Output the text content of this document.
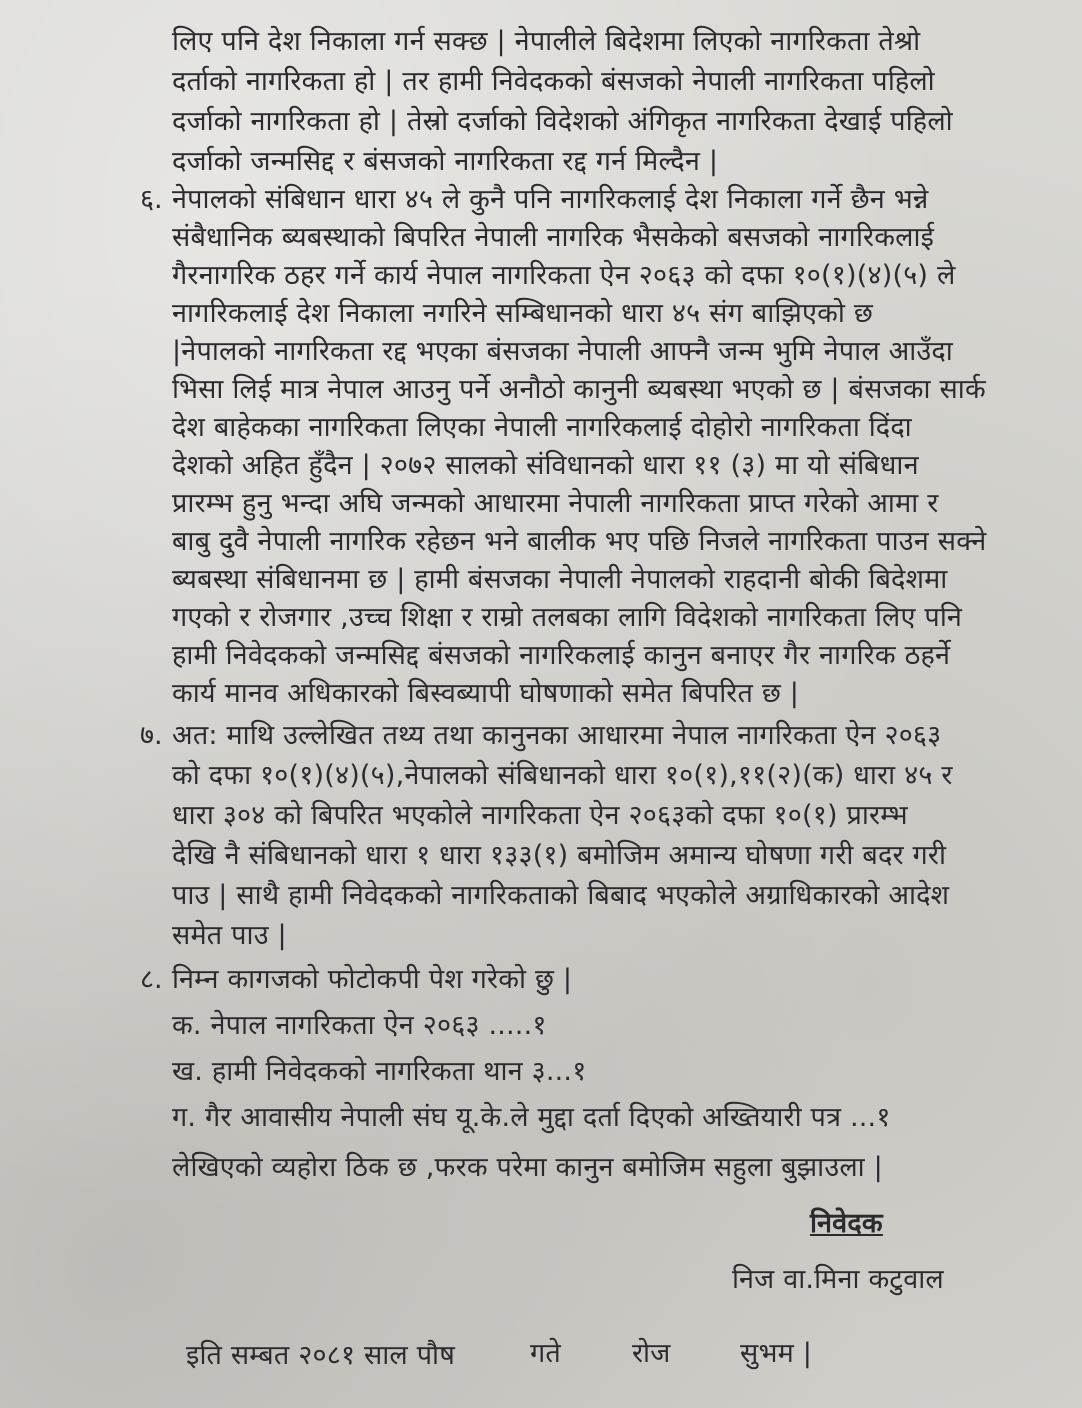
लिए पनि देश निकाला गर्न सक्छ | नेपालीले बिदेशमा लिएको नागरिकता तेश्रो
दर्ताको नागरिकता हो | तर हामी निवेदकको बंसजको नेपाली नागरिकता पहिलो
दर्जाको नागरिकता हो | तेस्रो दर्जाको विदेशको अंगिकृत नागरिकता देखाई पहिलो
दर्जाको जन्मसिद्द र बंसजको नागरिकता रद्द गर्न मिल्दैन |
६. नेपालको संबिधान धारा ४५ ले कुनै पनि नागरिकलाई देश निकाला गर्ने छैन भन्ने
संबैधानिक ब्यबस्थाको बिपरित नेपाली नागरिक भैसकेको बसजको नागरिकलाई
गैरनागरिक ठहर गर्ने कार्य नेपाल नागरिकता ऐन २०६३ को दफा १०(१)(४)(५) ले
नागरिकलाई देश निकाला नगरिने सम्बिधानको धारा ४५ संग बाझिएको छ
|नेपालको नागरिकता रद्द भएका बंसजका नेपाली आफ्नै जन्म भुमि नेपाल आउँदा
भिसा लिई मात्र नेपाल आउनु पर्ने अनौठो कानुनी ब्यबस्था भएको छ | बंसजका सार्क
देश बाहेकका नागरिकता लिएका नेपाली नागरिकलाई दोहोरो नागरिकता दिंदा
देशको अहित हुँदैन | २०७२ सालको संविधानको धारा ११ (३) मा यो संबिधान
प्रारम्भ हुनु भन्दा अघि जन्मको आधारमा नेपाली नागरिकता प्राप्त गरेको आमा र
बाबु दुवै नेपाली नागरिक रहेछन भने बालीक भए पछि निजले नागरिकता पाउन सक्ने
ब्यबस्था संबिधानमा छ | हामी बंसजका नेपाली नेपालको राहदानी बोकी बिदेशमा
गएको र रोजगार ,उच्च शिक्षा र राम्रो तलबका लागि विदेशको नागरिकता लिए पनि
हामी निवेदकको जन्मसिद्द बंसजको नागरिकलाई कानुन बनाएर गैर नागरिक ठहर्ने
कार्य मानव अधिकारको बिस्वब्यापी घोषणाको समेत बिपरित छ |
७. अत: माथि उल्लेखित तथ्य तथा कानुनका आधारमा नेपाल नागरिकता ऐन २०६३
को दफा १०(१)(४)(५),नेपालको संबिधानको धारा १०(१),११(२)(क) धारा ४५ र
धारा ३०४ को बिपरित भएकोले नागरिकता ऐन २०६३को दफा १०(१) प्रारम्भ
देखि नै संबिधानको धारा १ धारा १३३(१) बमोजिम अमान्य घोषणा गरी बदर गरी
पाउ | साथै हामी निवेदकको नागरिकताको बिबाद भएकोले अग्राधिकारको आदेश
समेत पाउ |
८. निम्न कागजको फोटोकपी पेश गरेको छु |
क. नेपाल नागरिकता ऐन २०६३ .....१
ख. हामी निवेदकको नागरिकता थान ३...१
ग. गैर आवासीय नेपाली संघ यू.के.ले मुद्दा दर्ता दिएको अख्तियारी पत्र ...१
लेखिएको व्यहोरा ठिक छ ,फरक परेमा कानुन बमोजिम सहुला बुझाउला |
निवेदक
निज वा.मिना कटुवाल
इति सम्बत २०८१ साल पौष	गते	रोज	सुभम |
